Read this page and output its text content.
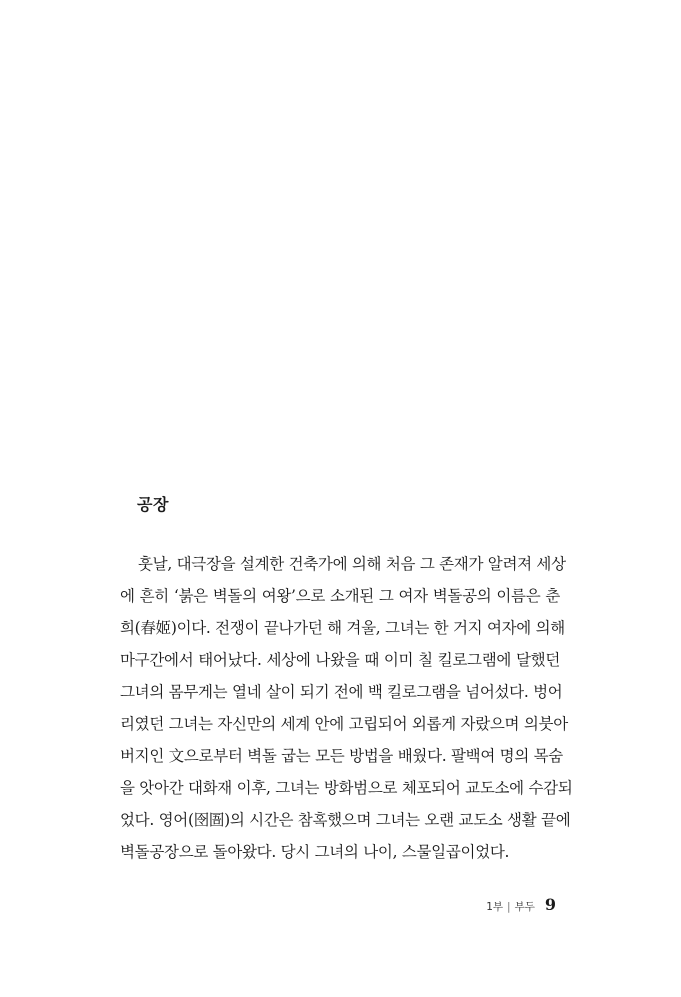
공장
훗날, 대극장을 설계한 건축가에 의해 처음 그 존재가 알려져 세상
에 흔히 ‘붉은 벽돌의 여왕’으로 소개된 그 여자 벽돌공의 이름은 춘
희(春姬)이다. 전쟁이 끝나가던 해 겨울, 그녀는 한 거지 여자에 의해
마구간에서 태어났다. 세상에 나왔을 때 이미 칠 킬로그램에 달했던
그녀의 몸무게는 열네 살이 되기 전에 백 킬로그램을 넘어섰다. 벙어
리였던 그녀는 자신만의 세계 안에 고립되어 외롭게 자랐으며 의붓아
버지인 文으로부터 벽돌 굽는 모든 방법을 배웠다. 팔백여 명의 목숨
을 앗아간 대화재 이후, 그녀는 방화범으로 체포되어 교도소에 수감되
었다. 영어(囹圄)의 시간은 참혹했으며 그녀는 오랜 교도소 생활 끝에
벽돌공장으로 돌아왔다. 당시 그녀의 나이, 스물일곱이었다.
1부 | 부두 9
